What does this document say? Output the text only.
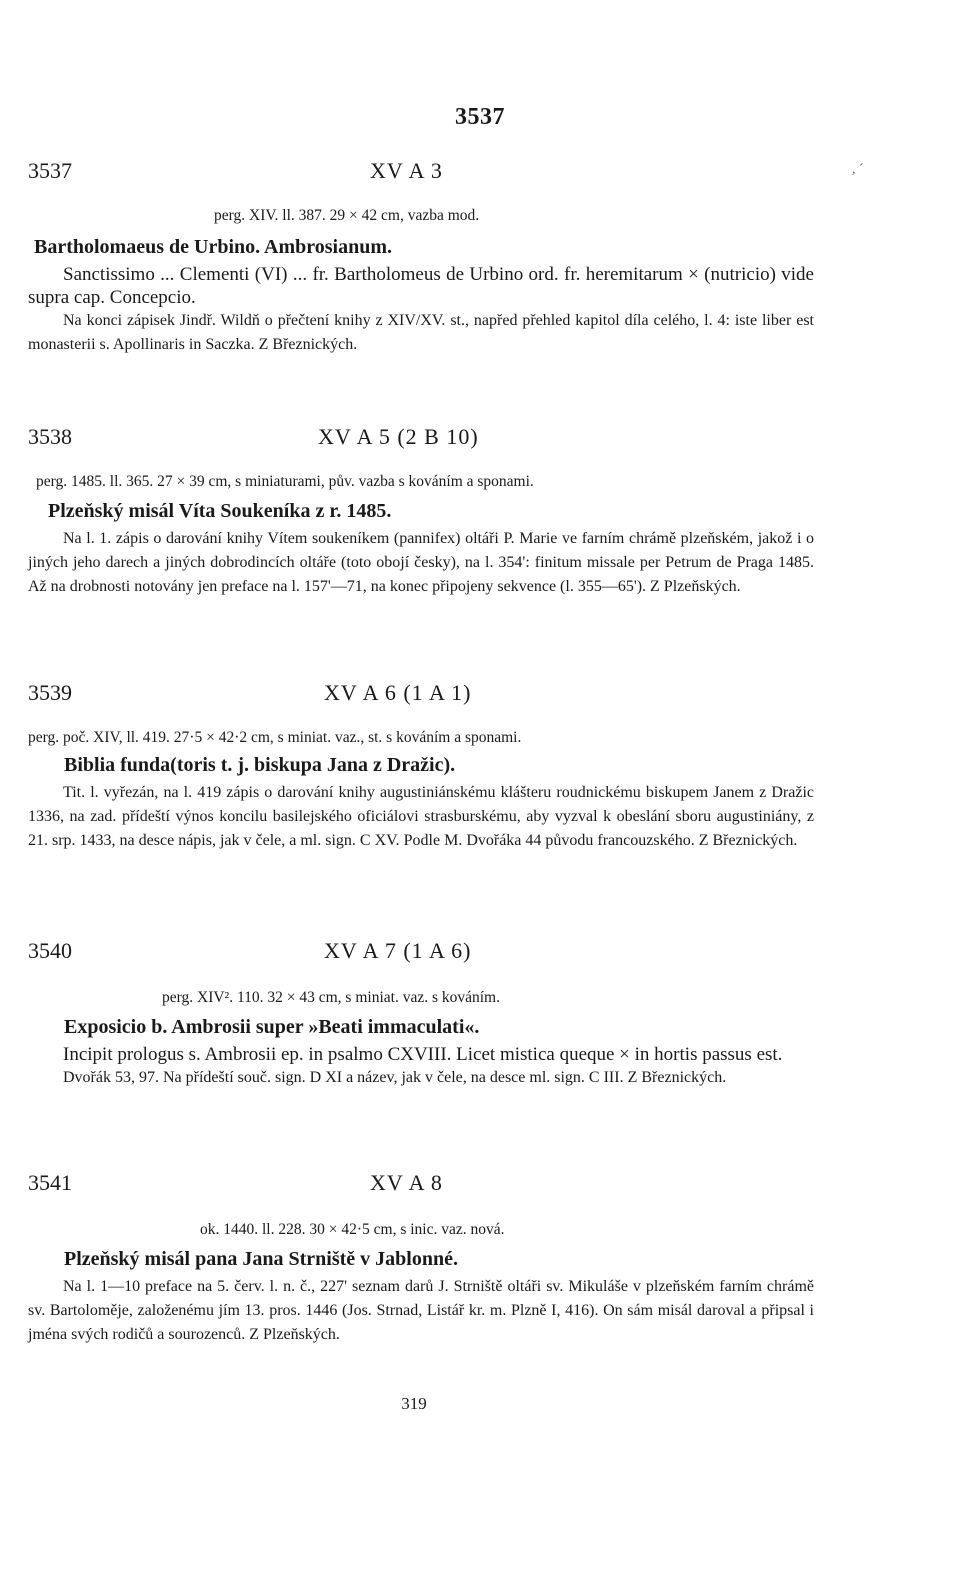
3537
, ˊ
3537	XV A 3
perg. XIV. ll. 387. 29 × 42 cm, vazba mod.
Bartholomaeus de Urbino. Ambrosianum.
Sanctissimo ... Clementi (VI) ... fr. Bartholomeus de Urbino ord. fr. heremitarum × (nutricio) vide supra cap. Concepcio.
Na konci zápisek Jindř. Wildň o přečtení knihy z XIV/XV. st., napřed přehled kapitol díla celého, l. 4: iste liber est monasterii s. Apollinaris in Saczka. Z Březnických.
3538	XV A 5 (2 B 10)
perg. 1485. ll. 365. 27 × 39 cm, s miniaturami, pův. vazba s kováním a sponami.
Plzeňský misál Víta Soukeníka z r. 1485.
Na l. 1. zápis o darování knihy Vítem soukeníkem (pannifex) oltáři P. Marie ve farním chrámě plzeňském, jakož i o jiných jeho darech a jiných dobrodincích oltáře (toto obojí česky), na l. 354': finitum missale per Petrum de Praga 1485. Až na drobnosti notovány jen preface na l. 157'—71, na konec připojeny sekvence (l. 355—65'). Z Plzeňských.
3539	XV A 6 (1 A 1)
perg. poč. XIV, ll. 419. 27·5 × 42·2 cm, s miniat. vaz., st. s kováním a sponami.
Biblia funda(toris t. j. biskupa Jana z Dražic).
Tit. l. vyřezán, na l. 419 zápis o darování knihy augustiniánskému klášteru roudnickému biskupem Janem z Dražic 1336, na zad. přídeští výnos koncilu basilejského oficiálovi strasburskému, aby vyzval k obeslání sboru augustiniány, z 21. srp. 1433, na desce nápis, jak v čele, a ml. sign. C XV. Podle M. Dvořáka 44 původu francouzského. Z Březnických.
3540	XV A 7 (1 A 6)
perg. XIV². 110. 32 × 43 cm, s miniat. vaz. s kováním.
Exposicio b. Ambrosii super »Beati immaculati«.
Incipit prologus s. Ambrosii ep. in psalmo CXVIII. Licet mistica queque × in hortis passus est.
Dvořák 53, 97. Na přídeští souč. sign. D XI a název, jak v čele, na desce ml. sign. C III. Z Březnických.
3541	XV A 8
ok. 1440. ll. 228. 30 × 42·5 cm, s inic. vaz. nová.
Plzeňský misál pana Jana Strniště v Jablonné.
Na l. 1—10 preface na 5. červ. l. n. č., 227' seznam darů J. Strniště oltáři sv. Mikuláše v plzeňském farním chrámě sv. Bartoloměje, založenému jím 13. pros. 1446 (Jos. Strnad, Listář kr. m. Plzně I, 416). On sám misál daroval a připsal i jména svých rodičů a sourozenců. Z Plzeňských.
319
